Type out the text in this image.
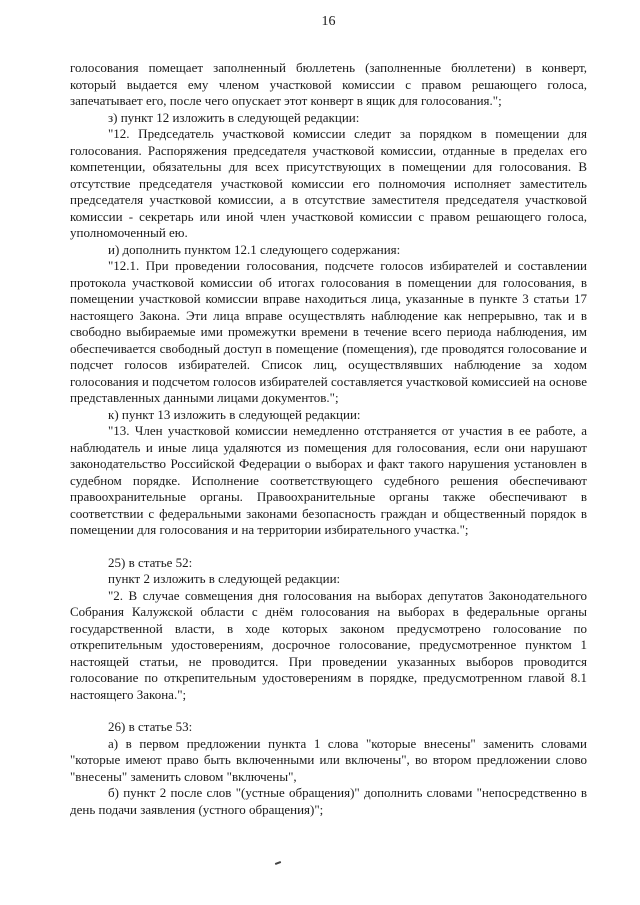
16

голосования помещает заполненный бюллетень (заполненные бюллетени) в конверт, который выдается ему членом участковой комиссии с правом решающего голоса, запечатывает его, после чего опускает этот конверт в ящик для голосования.";

з) пункт 12 изложить в следующей редакции:

"12. Председатель участковой комиссии следит за порядком в помещении для голосования. Распоряжения председателя участковой комиссии, отданные в пределах его компетенции, обязательны для всех присутствующих в помещении для голосования. В отсутствие председателя участковой комиссии его полномочия исполняет заместитель председателя участковой комиссии, а в отсутствие заместителя председателя участковой комиссии - секретарь или иной член участковой комиссии с правом решающего голоса, уполномоченный ею.

и) дополнить пунктом 12.1 следующего содержания:

"12.1. При проведении голосования, подсчете голосов избирателей и составлении протокола участковой комиссии об итогах голосования в помещении для голосования, в помещении участковой комиссии вправе находиться лица, указанные в пункте 3 статьи 17 настоящего Закона. Эти лица вправе осуществлять наблюдение как непрерывно, так и в свободно выбираемые ими промежутки времени в течение всего периода наблюдения, им обеспечивается свободный доступ в помещение (помещения), где проводятся голосование и подсчет голосов избирателей. Список лиц, осуществлявших наблюдение за ходом голосования и подсчетом голосов избирателей составляется участковой комиссией на основе представленных данными лицами документов.";

к) пункт 13 изложить в следующей редакции:

"13. Член участковой комиссии немедленно отстраняется от участия в ее работе, а наблюдатель и иные лица удаляются из помещения для голосования, если они нарушают законодательство Российской Федерации о выборах и факт такого нарушения установлен в судебном порядке. Исполнение соответствующего судебного решения обеспечивают правоохранительные органы. Правоохранительные органы также обеспечивают в соответствии с федеральными законами безопасность граждан и общественный порядок в помещении для голосования и на территории избирательного участка.";

25) в статье 52:

пункт 2 изложить в следующей редакции:

"2. В случае совмещения дня голосования на выборах депутатов Законодательного Собрания Калужской области с днём голосования на выборах в федеральные органы государственной власти, в ходе которых законом предусмотрено голосование по открепительным удостоверениям, досрочное голосование, предусмотренное пунктом 1 настоящей статьи, не проводится. При проведении указанных выборов проводится голосование по открепительным удостоверениям в порядке, предусмотренном главой 8.1 настоящего Закона.";

26) в статье 53:

а) в первом предложении пункта 1 слова "которые внесены" заменить словами "которые имеют право быть включенными или включены", во втором предложении слово "внесены" заменить словом "включены",

б) пункт 2 после слов "(устные обращения)" дополнить словами "непосредственно в день подачи заявления (устного обращения)";
